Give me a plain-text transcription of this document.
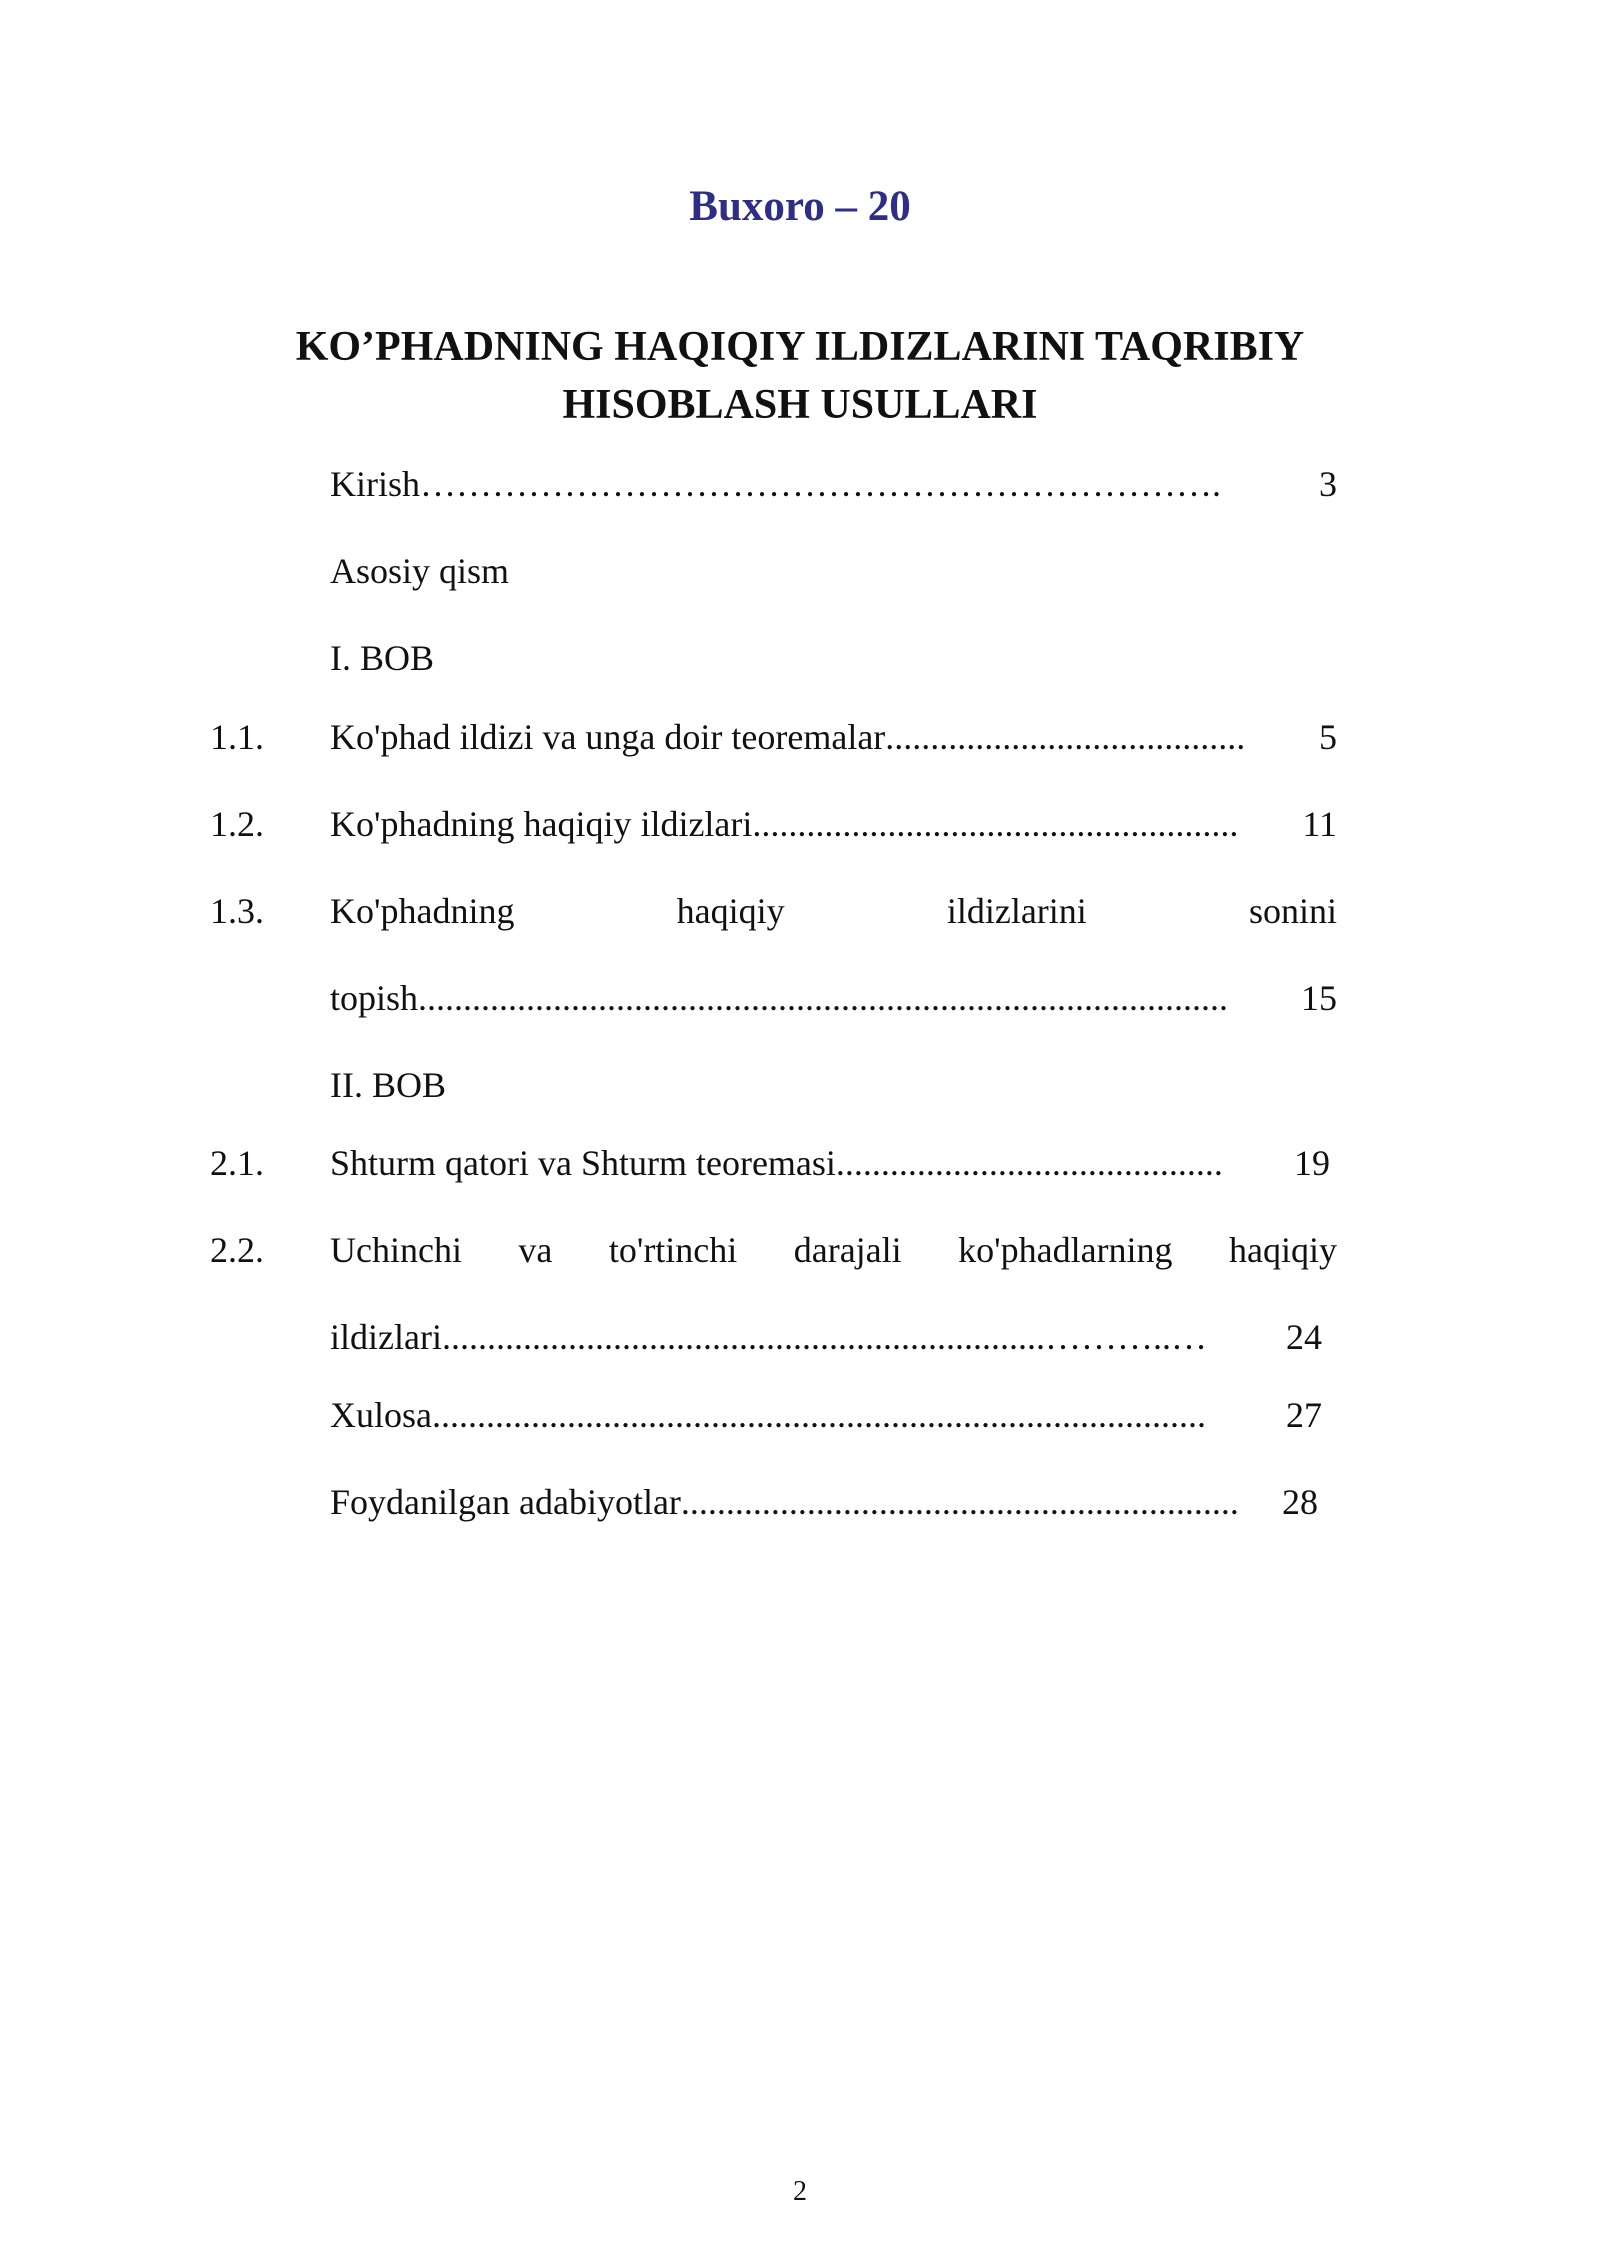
Buxoro – 20
KO’PHADNING HAQIQIY ILDIZLARINI TAQRIBIY
HISOBLASH USULLARI
Kirish ………………………………………………………….	3
Asosiy qism
I. BOB
1.1. Ko'phad ildizi va unga doir teoremalar ........................................	5
1.2. Ko'phadning haqiqiy ildizlari ......................................................	11
1.3. Ko'phadning	haqiqiy	ildizlarini	sonini
topish ..........................................................................................	15
II. BOB
2.1. Shturm qatori va Shturm teoremasi ...........................................	19
2.2. Uchinchi va to'rtinchi darajali ko'phadlarning haqiqiy
ildizlari ...................................................................………..…	24
Xulosa ......................................................................................	27
Foydanilgan adabiyotlar ..............................................................	28
2
